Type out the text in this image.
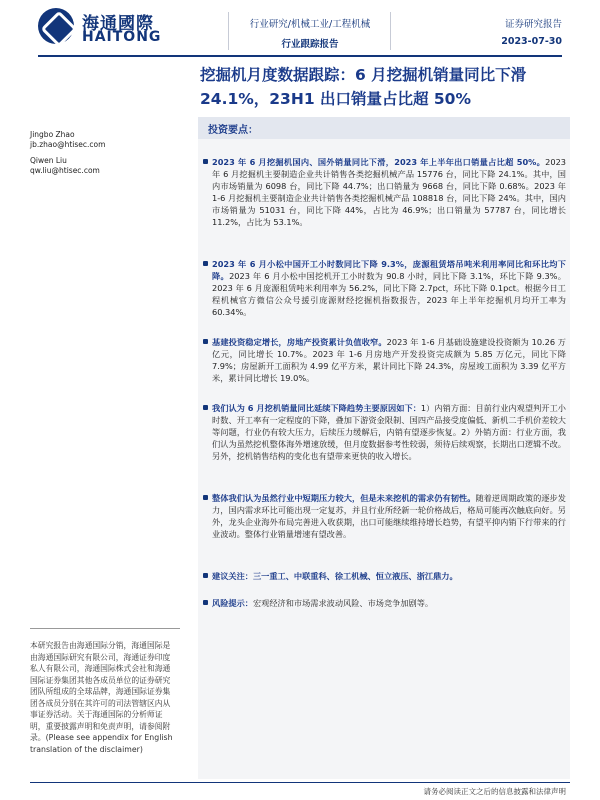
海通國際
HAITONG
行业研究/机械工业/工程机械
行业跟踪报告
证券研究报告
2023-07-30
挖掘机月度数据跟踪：6 月挖掘机销量同比下滑 24.1%，23H1 出口销量占比超 50%
Jingbo Zhao
jb.zhao@htisec.com
Qiwen Liu
qw.liu@htisec.com
投资要点：
2023 年 6 月挖掘机国内、国外销量同比下滑，2023 年上半年出口销量占比超 50%。2023 年 6 月挖掘机主要制造企业共计销售各类挖掘机械产品 15776 台，同比下降 24.1%。其中，国内市场销量为 6098 台，同比下降 44.7%；出口销量为 9668 台，同比下降 0.68%。2023 年 1-6 月挖掘机主要制造企业共计销售各类挖掘机械产品 108818 台，同比下降 24%。其中，国内市场销量为 51031 台，同比下降 44%，占比为 46.9%；出口销量为 57787 台，同比增长 11.2%，占比为 53.1%。
2023 年 6 月小松中国开工小时数同比下降 9.3%，庞源租赁塔吊吨米利用率同比和环比均下降。2023 年 6 月小松中国挖机开工小时数为 90.8 小时，同比下降 3.1%，环比下降 9.3%。2023 年 6 月庞源租赁吨米利用率为 56.2%，同比下降 2.7pct，环比下降 0.1pct。根据今日工程机械官方微信公众号援引庞源财经挖掘机指数报告，2023 年上半年挖掘机月均开工率为 60.34%。
基建投资稳定增长，房地产投资累计负值收窄。2023 年 1-6 月基础设施建设投资额为 10.26 万亿元，同比增长 10.7%。2023 年 1-6 月房地产开发投资完成额为 5.85 万亿元，同比下降 7.9%；房屋新开工面积为 4.99 亿平方米，累计同比下降 24.3%，房屋竣工面积为 3.39 亿平方米，累计同比增长 19.0%。
我们认为 6 月挖机销量同比延续下降趋势主要原因如下：1）内销方面：目前行业内观望判开工小时数、开工率有一定程度的下降，叠加下游资金限制、国四产品接受度偏低、新机二手机价差较大等问题，行业仍有较大压力，后续压力缓解后，内销有望逐步恢复。2）外销方面：行业方面，我们认为虽然挖机整体海外增速放缓，但月度数据参考性较弱，须待后续观察，长期出口逻辑不改。另外，挖机销售结构的变化也有望带来更快的收入增长。
整体我们认为虽然行业中短期压力较大，但是未来挖机的需求仍有韧性。随着逆周期政策的逐步发力，国内需求环比可能出现一定复苏，并且行业所经新一轮价格战后，格局可能再次触底向好。另外，龙头企业海外布局完善进入收获期，出口可能继续维持增长趋势，有望平抑内销下行带来的行业波动。整体行业销量增速有望改善。
建议关注：三一重工、中联重科、徐工机械、恒立液压、浙江鼎力。
风险提示：宏观经济和市场需求波动风险、市场竞争加剧等。
本研究报告由海通国际分销，海通国际是由海通国际研究有限公司，海通证券印度私人有限公司，海通国际株式会社和海通国际证券集团其他各成员单位的证券研究团队所组成的全球品牌，海通国际证券集团各成员分别在其许可的司法管辖区内从事证券活动。关于海通国际的分析师证明，重要披露声明和免责声明，请参阅附录。(Please see appendix for English translation of the disclaimer)
请务必阅读正文之后的信息披露和法律声明
